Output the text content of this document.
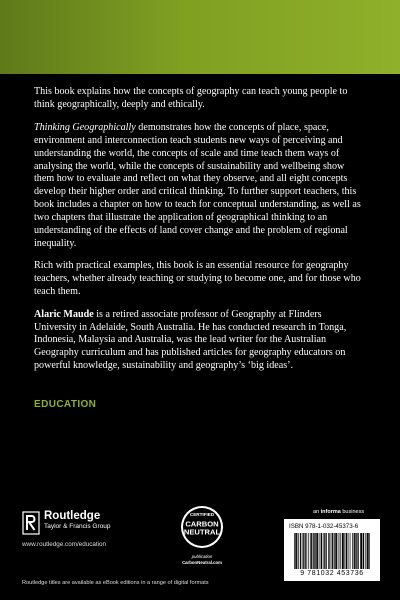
This book explains how the concepts of geography can teach young people to think geographically, deeply and ethically.

Thinking Geographically demonstrates how the concepts of place, space, environment and interconnection teach students new ways of perceiving and understanding the world, the concepts of scale and time teach them ways of analysing the world, while the concepts of sustainability and wellbeing show them how to evaluate and reflect on what they observe, and all eight concepts develop their higher order and critical thinking. To further support teachers, this book includes a chapter on how to teach for conceptual understanding, as well as two chapters that illustrate the application of geographical thinking to an understanding of the effects of land cover change and the problem of regional inequality.

Rich with practical examples, this book is an essential resource for geography teachers, whether already teaching or studying to become one, and for those who teach them.

Alaric Maude is a retired associate professor of Geography at Flinders University in Adelaide, South Australia. He has conducted research in Tonga, Indonesia, Malaysia and Australia, was the lead writer for the Australian Geography curriculum and has published articles for geography educators on powerful knowledge, sustainability and geography’s ‘big ideas’.

EDUCATION
Routledge
Taylor & Francis Group
www.routledge.com/education
CERTIFIED
CARBON
NEUTRAL
publication
CarbonNeutral.com
an informa business
ISBN 978-1-032-45373-6
9 781032 453736
Routledge titles are available as eBook editions in a range of digital formats
